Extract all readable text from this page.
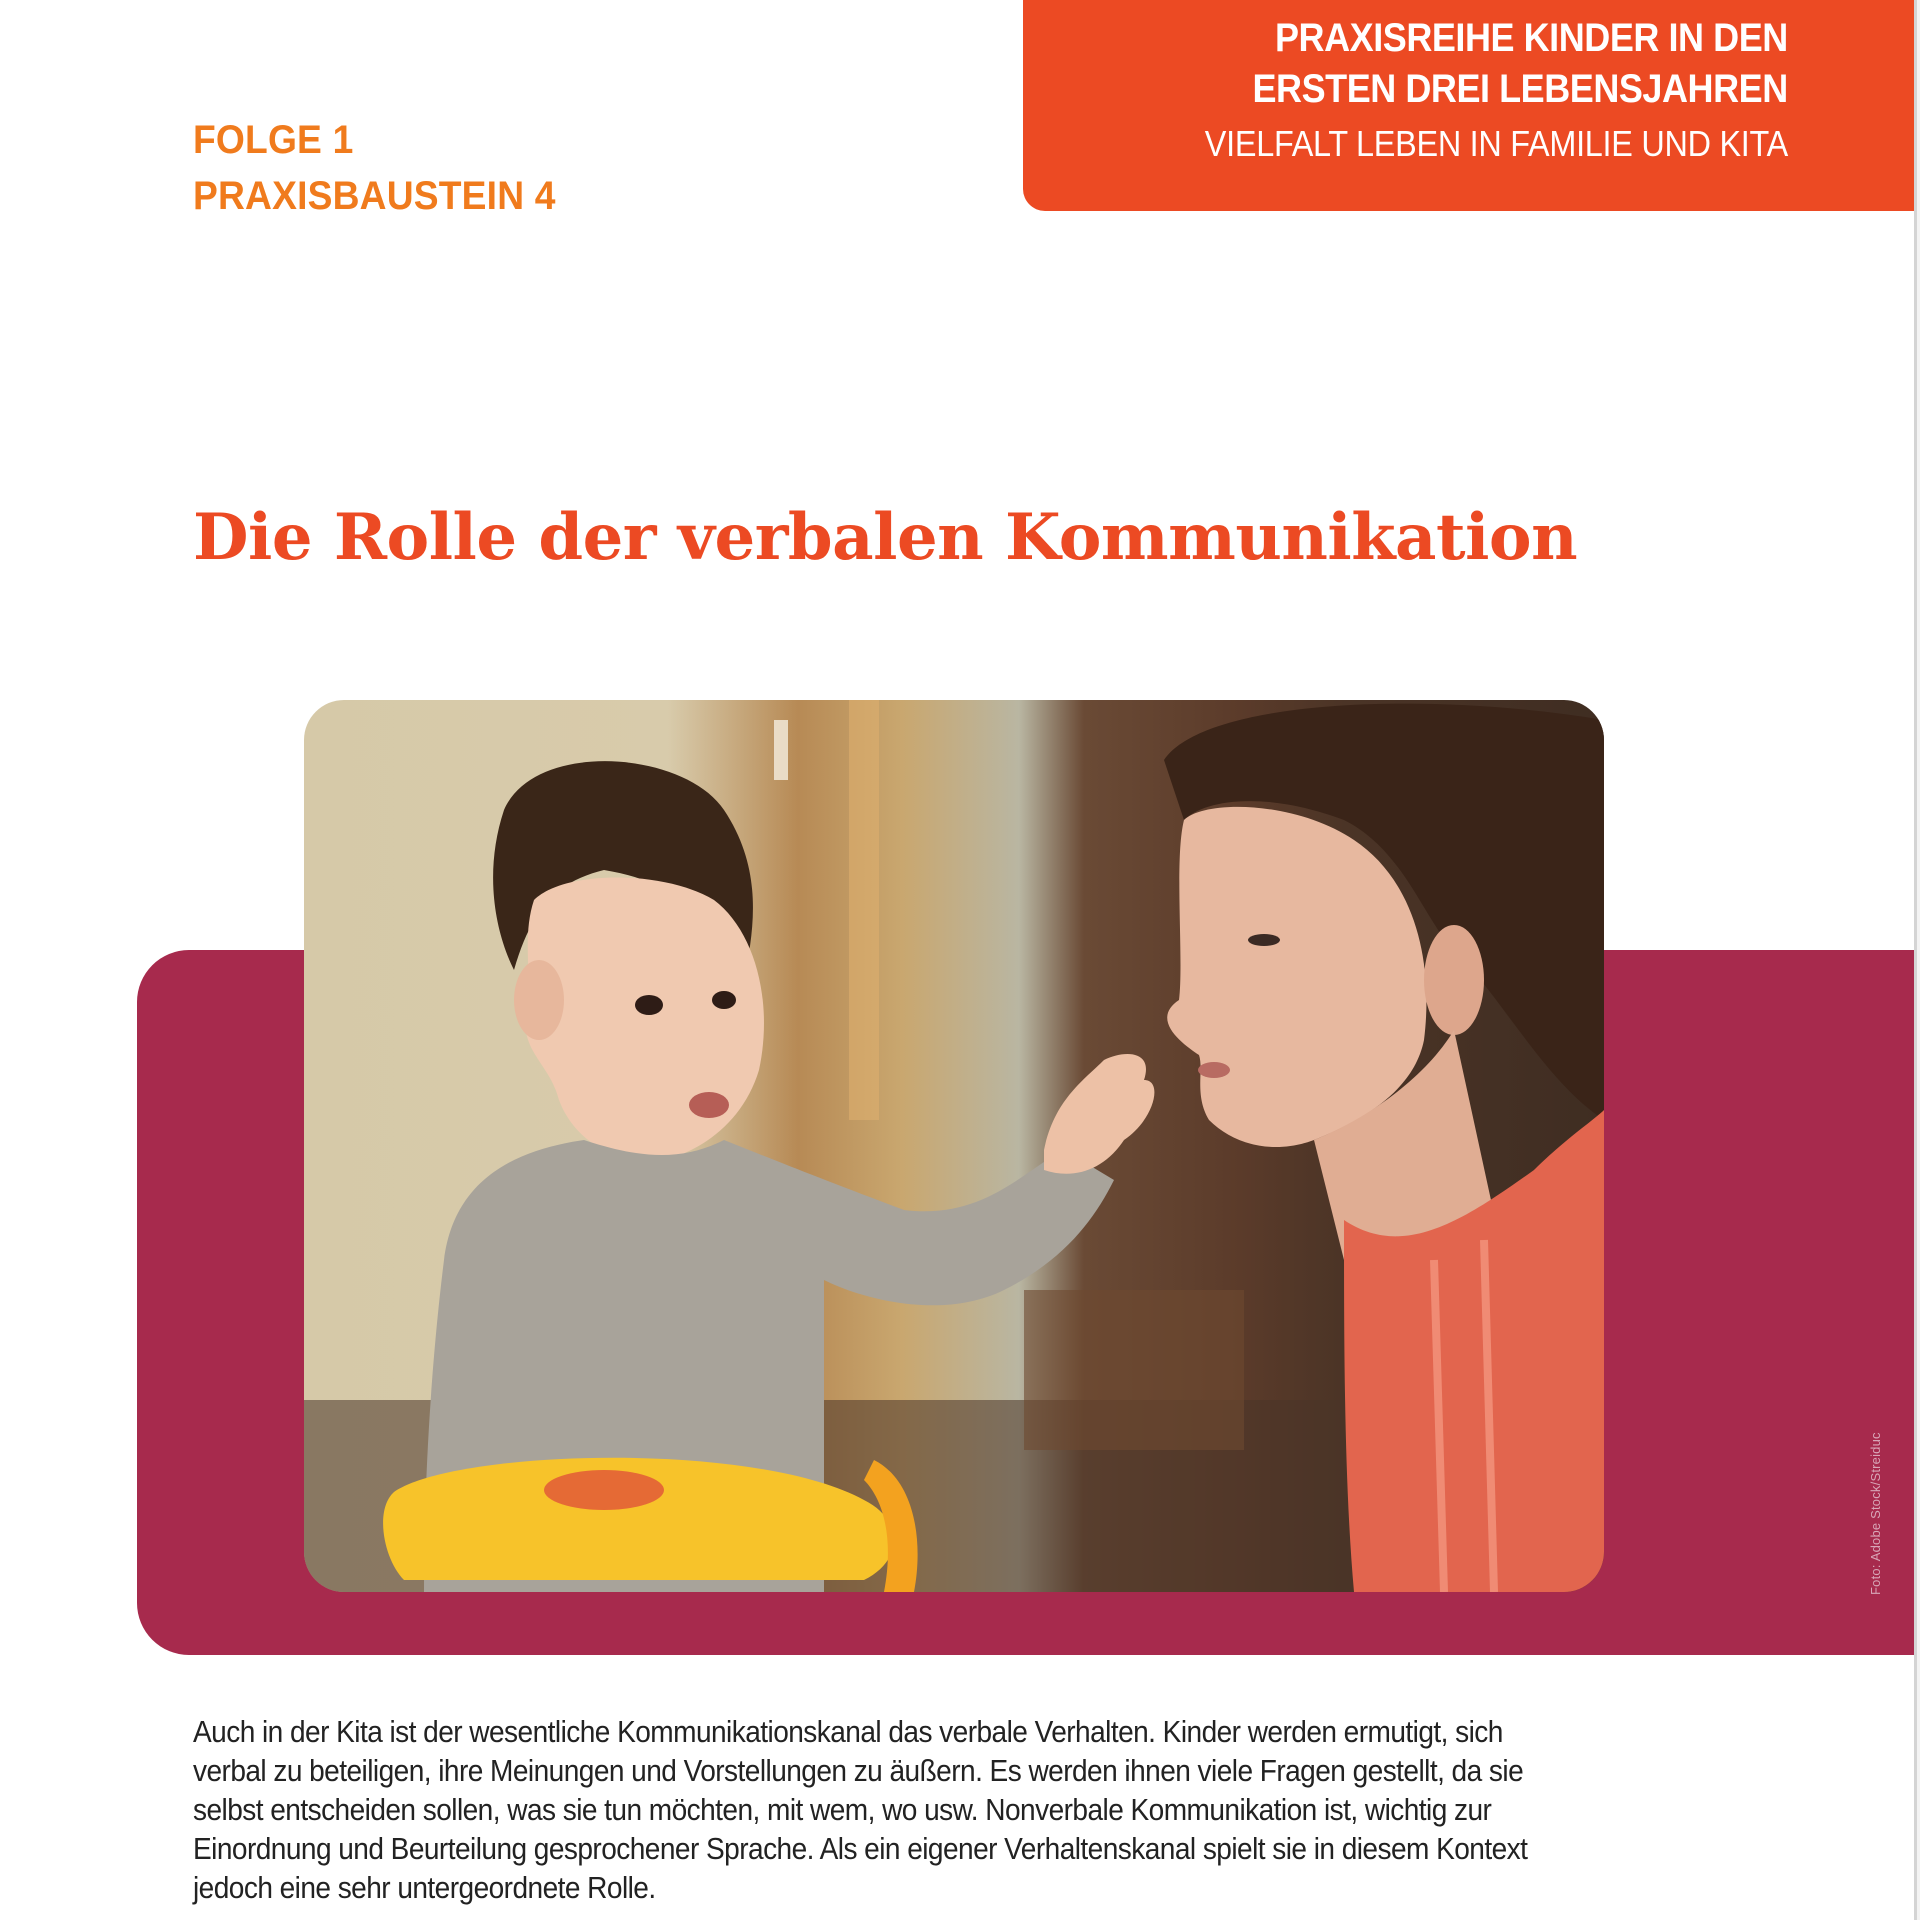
PRAXISREIHE KINDER IN DEN
ERSTEN DREI LEBENSJAHREN
VIELFALT LEBEN IN FAMILIE UND KITA
FOLGE 1
PRAXISBAUSTEIN 4
Die Rolle der verbalen Kommunikation
Foto: Adobe Stock/Streiduc

Auch in der Kita ist der wesentliche Kommunikationskanal das verbale Verhalten. Kinder werden ermutigt, sich
verbal zu beteiligen, ihre Meinungen und Vorstellungen zu äußern. Es werden ihnen viele Fragen gestellt, da sie
selbst entscheiden sollen, was sie tun möchten, mit wem, wo usw. Nonverbale Kommunikation ist, wichtig zur
Einordnung und Beurteilung gesprochener Sprache. Als ein eigener Verhaltenskanal spielt sie in diesem Kontext
jedoch eine sehr untergeordnete Rolle.
